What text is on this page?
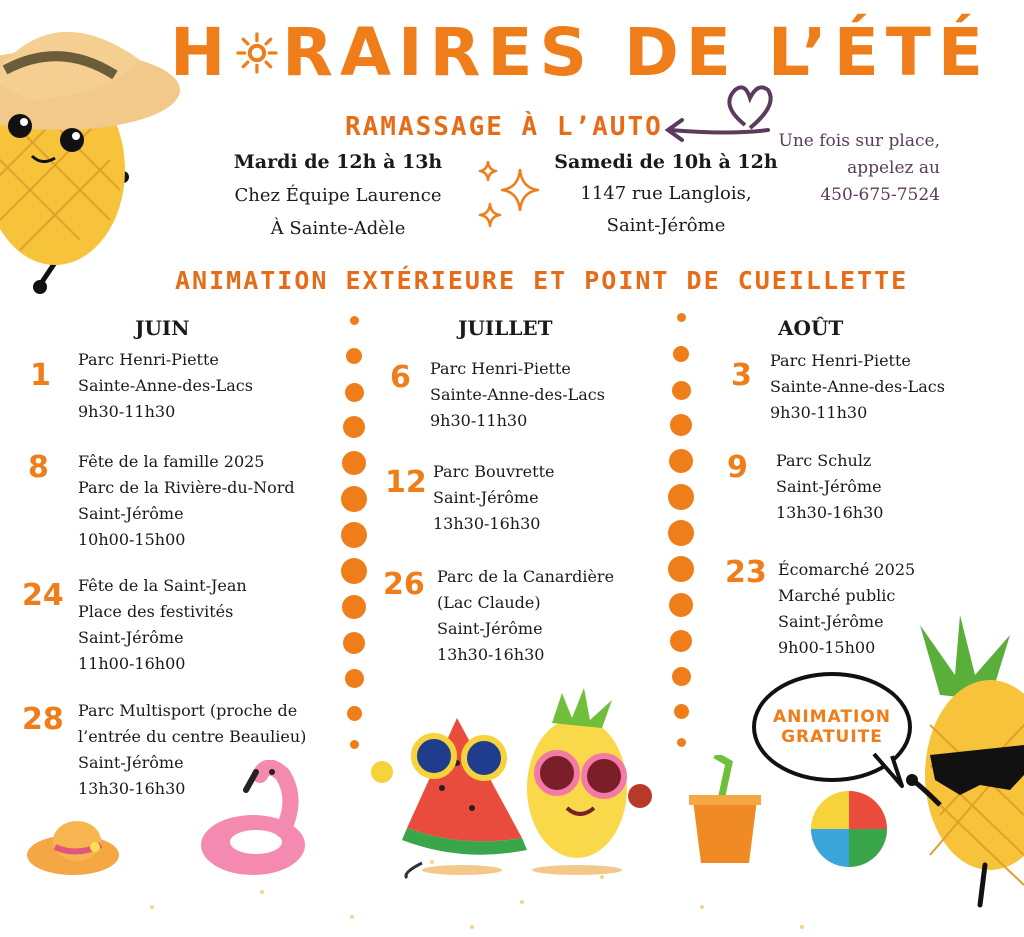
H RAIRES DE L’ÉTÉ
RAMASSAGE À L’AUTO
Mardi de 12h à 13h
Chez Équipe Laurence
À Sainte-Adèle
Samedi de 10h à 12h
1147 rue Langlois,
Saint-Jérôme
Une fois sur place,
appelez au
450-675-7524
ANIMATION EXTÉRIEURE ET POINT DE CUEILLETTE
JUIN	JUILLET	AOÛT
1 Parc Henri-Piette
Sainte-Anne-des-Lacs
9h30-11h30
8 Fête de la famille 2025
Parc de la Rivière-du-Nord
Saint-Jérôme
10h00-15h00
24 Fête de la Saint-Jean
Place des festivités
Saint-Jérôme
11h00-16h00
28 Parc Multisport (proche de
l’entrée du centre Beaulieu)
Saint-Jérôme
13h30-16h30
6 Parc Henri-Piette
Sainte-Anne-des-Lacs
9h30-11h30
12 Parc Bouvrette
Saint-Jérôme
13h30-16h30
26 Parc de la Canardière
(Lac Claude)
Saint-Jérôme
13h30-16h30
3 Parc Henri-Piette
Sainte-Anne-des-Lacs
9h30-11h30
9 Parc Schulz
Saint-Jérôme
13h30-16h30
23 Écomarché 2025
Marché public
Saint-Jérôme
9h00-15h00
ANIMATION
GRATUITE
